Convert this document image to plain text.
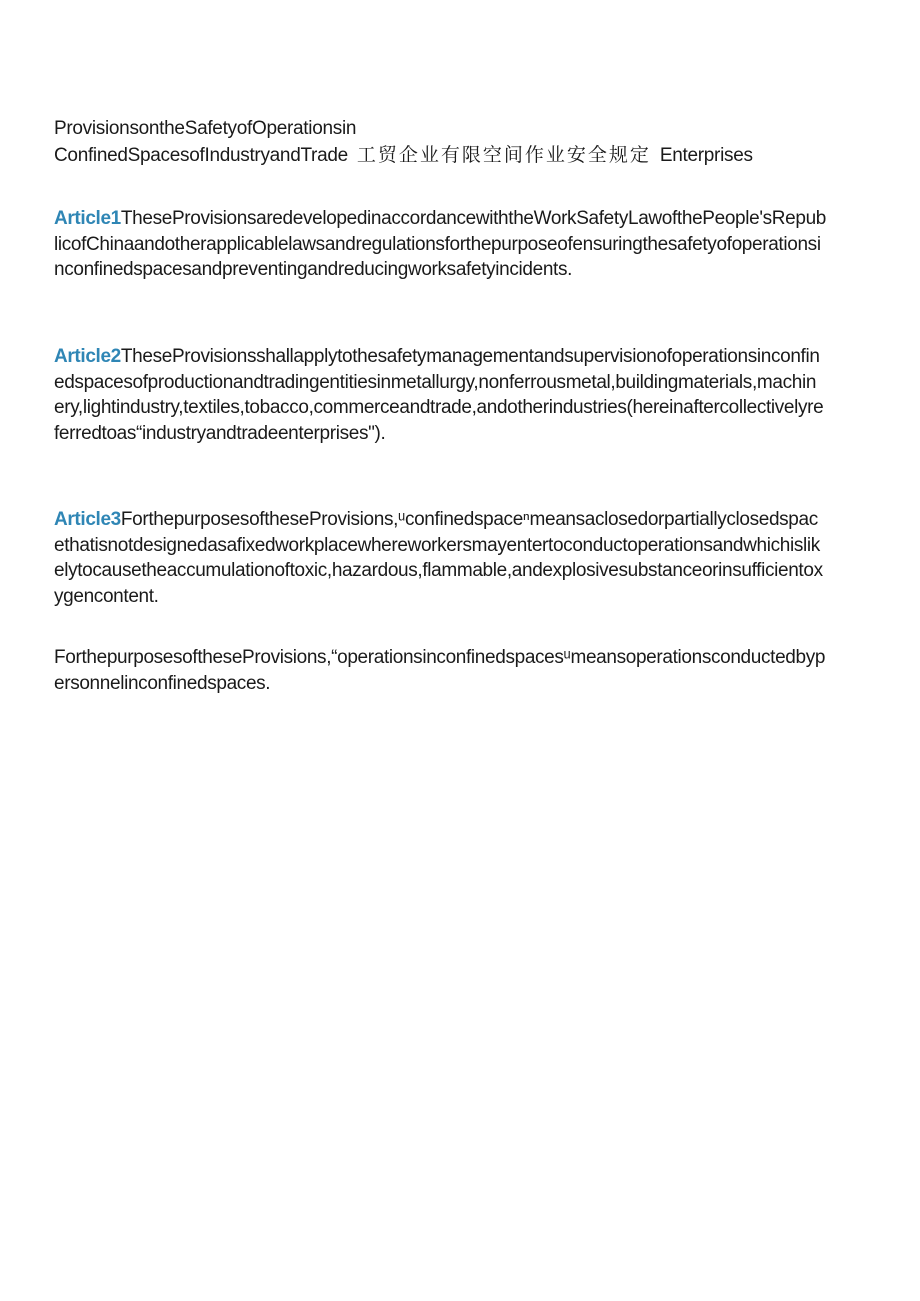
ProvisionsontheSafetyofOperationsin
ConfinedSpacesofIndustryandTrade 工贸企业有限空间作业安全规定 Enterprises
Article1TheseProvisionsaredevelopedinaccordancewiththeWorkSafetyLawofthePeople'sRepublicofChinaandotherapplicablelawsandregulationsforthepurposeofensuringthesafetyofoperationsinconfinedspacesandpreventingandreducingworksafetyincidents.
Article2TheseProvisionsshallapplytothesafetymanagementandsupervisionofoperationsinconfinedspacesofproductionandtradingentitiesinmetallurgy,nonferrousmetal,buildingmaterials,machinery,lightindustry,textiles,tobacco,commerceandtrade,andotherindustries(hereinaftercollectivelyreferredtoas“industryandtradeenterprises").
Article3ForthepurposesoftheseProvisions,ᵘconfinedspaceⁿmeansaclosedorpartiallyclosedspacethatisnotdesignedasafixedworkplacewhereworkersmayentertoconductoperationsandwhichislikelytocausetheaccumulationoftoxic,hazardous,flammable,andexplosivesubstanceorinsufficientoxygencontent.
ForthepurposesoftheseProvisions,“operationsinconfinedspacesᵘmeansoperationsconductedbypersonnelinconfinedspaces.
